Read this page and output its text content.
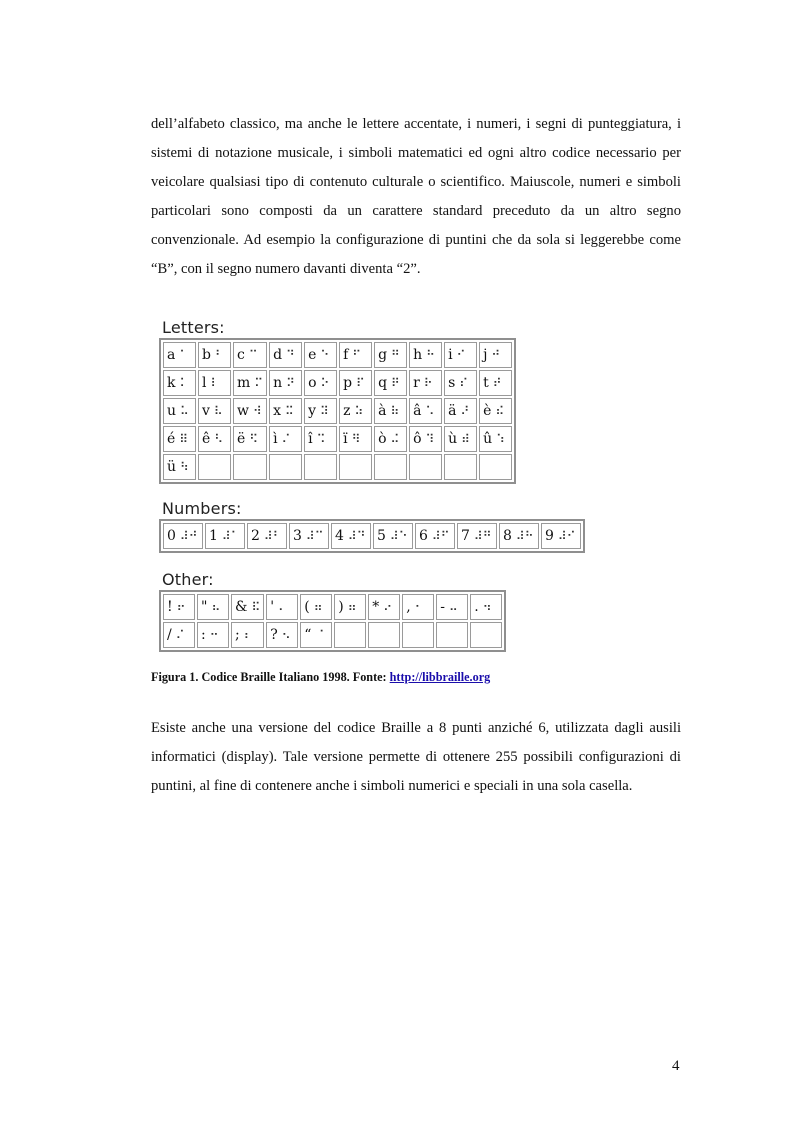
dell’alfabeto classico, ma anche le lettere accentate, i numeri, i segni di punteggiatura, i sistemi di notazione musicale, i simboli matematici ed ogni altro codice necessario per veicolare qualsiasi tipo di contenuto culturale o scientifico. Maiuscole, numeri e simboli particolari sono composti da un carattere standard preceduto da un altro segno convenzionale. Ad esempio la configurazione di puntini che da sola si leggerebbe come “B”, con il segno numero davanti diventa “2”.

Letters:
a ⠁	b ⠃	c ⠉	d ⠙	e ⠑	f ⠋	g ⠛	h ⠓	i ⠊	j ⠚
k ⠅	l ⠇	m ⠍	n ⠝	o ⠕	p ⠏	q ⠟	r ⠗	s ⠎	t ⠞
u ⠥	v ⠧	w ⠺	x ⠭	y ⠽	z ⠵	à ⠷	â ⠡	ä ⠜	è ⠮
é ⠿	ê ⠣	ë ⠫	ì ⠌	î ⠩	ï ⠻	ò ⠬	ô ⠹	ù ⠾	û ⠱
ü ⠳									
Numbers:
0 ⠼⠚	1 ⠼⠁	2 ⠼⠃	3 ⠼⠉	4 ⠼⠙	5 ⠼⠑	6 ⠼⠋	7 ⠼⠛	8 ⠼⠓	9 ⠼⠊
Other:
! ⠖	" ⠦	& ⠯	' ⠄	( ⠶	) ⠶	* ⠔	, ⠂	- ⠤	. ⠲
/ ⠌	: ⠒	; ⠆	? ⠢	“ ⠈					
Figura 1. Codice Braille Italiano 1998. Fonte: http://libbraille.org

Esiste anche una versione del codice Braille a 8 punti anziché 6, utilizzata dagli ausili informatici (display). Tale versione permette di ottenere 255 possibili configurazioni di puntini, al fine di contenere anche i simboli numerici e speciali in una sola casella.

4
